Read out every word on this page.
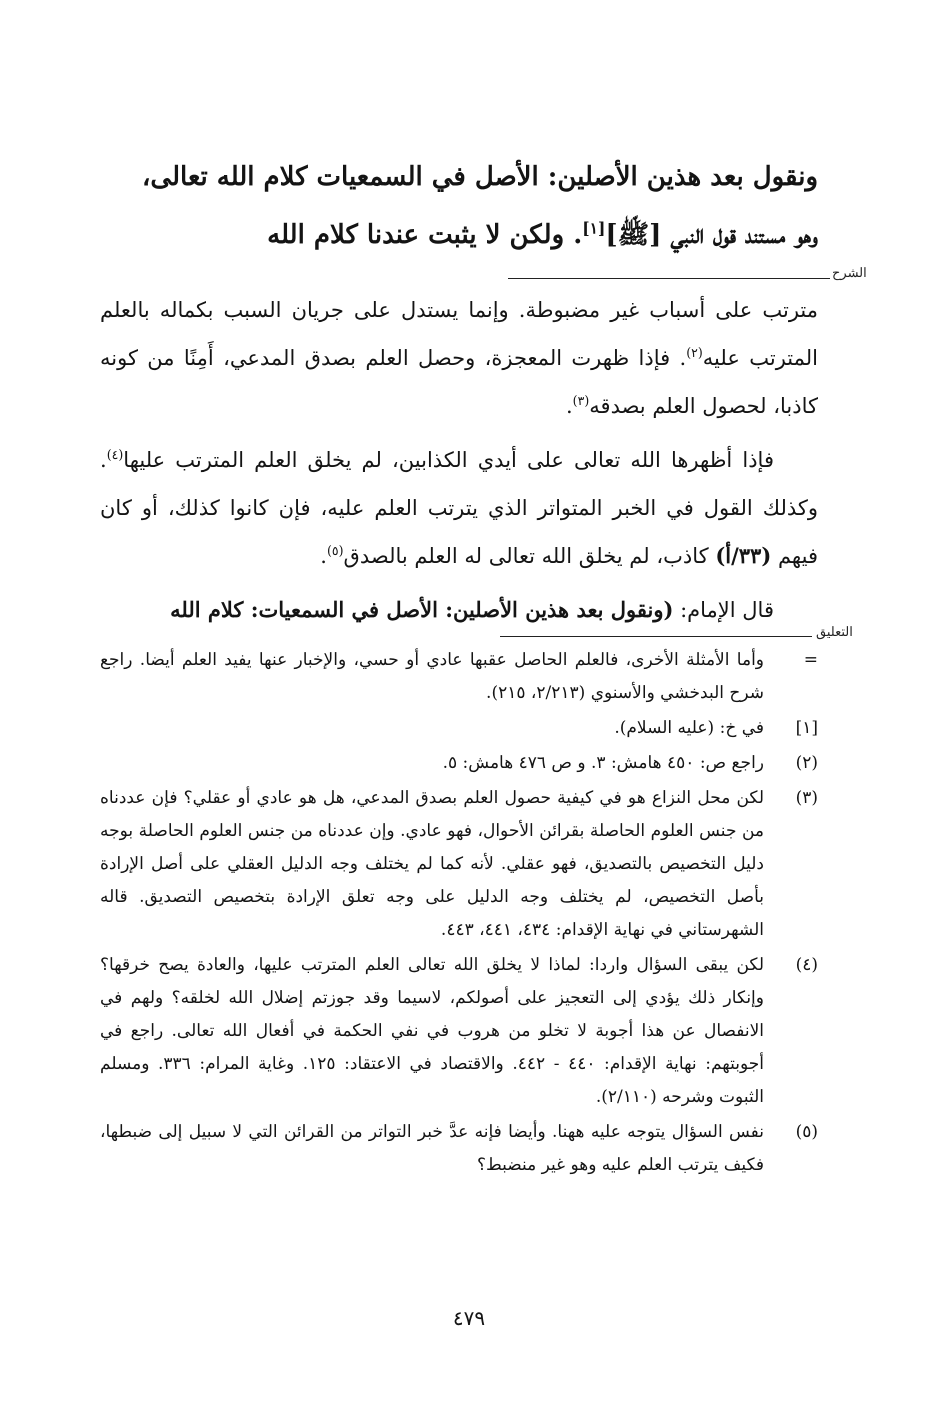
ونقول بعد هذين الأصلين: الأصل في السمعيات كلام الله تعالى،
وهو مستند قول النبي [ﷺ][١]. ولكن لا يثبت عندنا كلام الله
الشرح

مترتب على أسباب غير مضبوطة. وإنما يستدل على جريان السبب بكماله بالعلم المترتب عليه$^{(٢)}$. فإذا ظهرت المعجزة، وحصل العلم بصدق المدعي، أَمِنًا من كونه كاذبا، لحصول العلم بصدقه$^{(٣)}$.

فإذا أظهرها الله تعالى على أيدي الكذابين، لم يخلق العلم المترتب عليها$^{(٤)}$. وكذلك القول في الخبر المتواتر الذي يترتب العلم عليه، فإن كانوا كذلك، أو كان فيهم (٣٣/أ) كاذب، لم يخلق الله تعالى له العلم بالصدق$^{(٥)}$.

قال الإمام: (ونقول بعد هذين الأصلين: الأصل في السمعيات: كلام الله

التعليق
=
وأما الأمثلة الأخرى، فالعلم الحاصل عقبها عادي أو حسي، والإخبار عنها يفيد العلم أيضا. راجع شرح البدخشي والأسنوي (٢/٢١٣، ٢١٥).
[١]
في خ: (عليه السلام).
(٢)
راجع ص: ٤٥٠ هامش: ٣. و ص ٤٧٦ هامش: ٥.
(٣)
لكن محل النزاع هو في كيفية حصول العلم بصدق المدعي، هل هو عادي أو عقلي؟ فإن عددناه من جنس العلوم الحاصلة بقرائن الأحوال، فهو عادي. وإن عددناه من جنس العلوم الحاصلة بوجه دليل التخصيص بالتصديق، فهو عقلي. لأنه كما لم يختلف وجه الدليل العقلي على أصل الإرادة بأصل التخصيص، لم يختلف وجه الدليل على وجه تعلق الإرادة بتخصيص التصديق. قاله الشهرستاني في نهاية الإقدام: ٤٣٤، ٤٤١، ٤٤٣.
(٤)
لكن يبقى السؤال واردا: لماذا لا يخلق الله تعالى العلم المترتب عليها، والعادة يصح خرقها؟ وإنكار ذلك يؤدي إلى التعجيز على أصولكم، لاسيما وقد جوزتم إضلال الله لخلقه؟ ولهم في الانفصال عن هذا أجوبة لا تخلو من هروب في نفي الحكمة في أفعال الله تعالى. راجع في أجوبتهم: نهاية الإقدام: ٤٤٠ - ٤٤٢. والاقتصاد في الاعتقاد: ١٢٥. وغاية المرام: ٣٣٦. ومسلم الثبوت وشرحه (٢/١١٠).
(٥)
نفس السؤال يتوجه عليه ههنا. وأيضا فإنه عدَّ خبر التواتر من القرائن التي لا سبيل إلى ضبطها، فكيف يترتب العلم عليه وهو غير منضبط؟
٤٧٩
